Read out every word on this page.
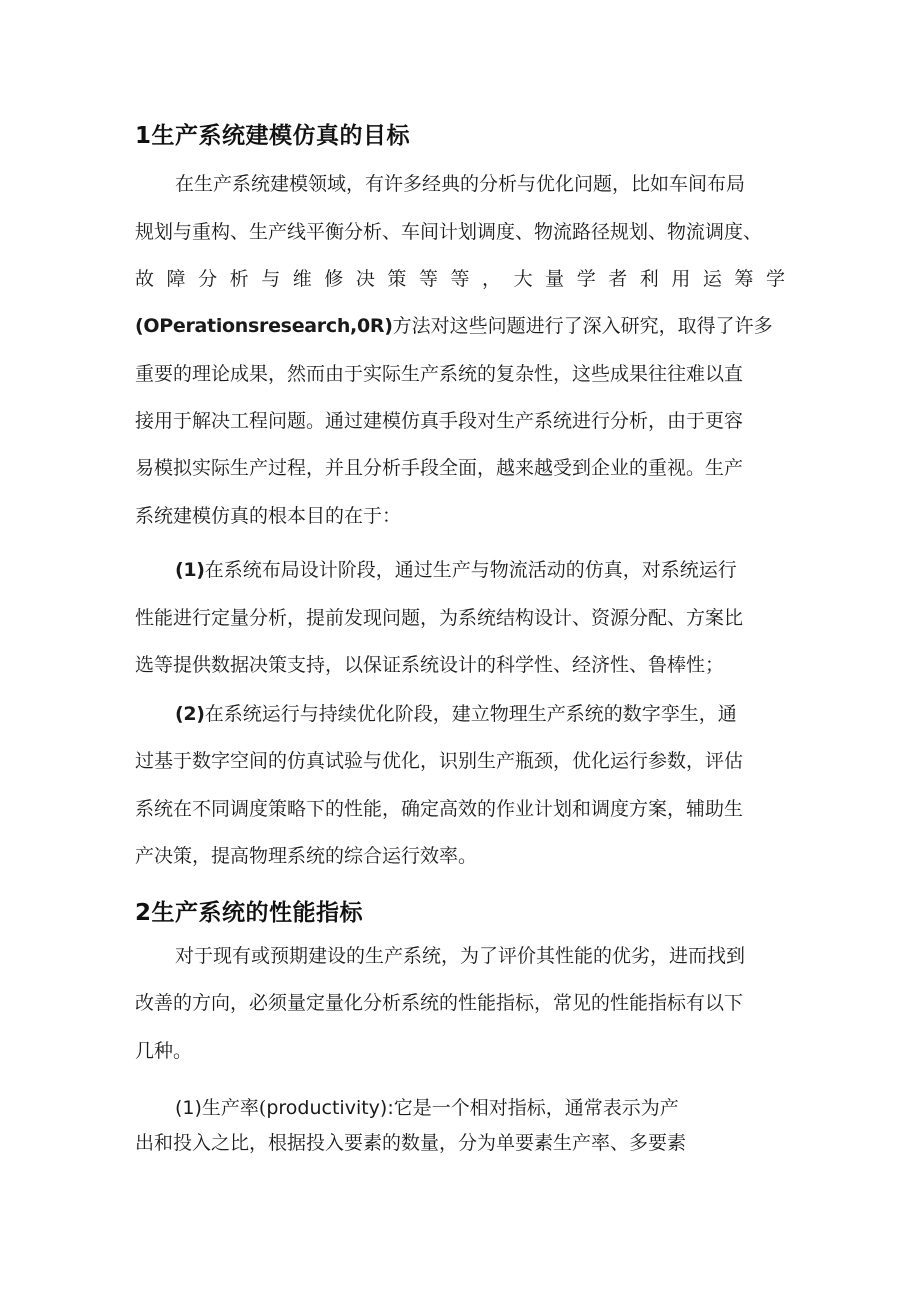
1生产系统建模仿真的目标
在生产系统建模领域，有许多经典的分析与优化问题，比如车间布局
规划与重构、生产线平衡分析、车间计划调度、物流路径规划、物流调度、
故障分析与维修决策等等，大量学者利用运筹学
(OPerationsresearch,0R)方法对这些问题进行了深入研究，取得了许多
重要的理论成果，然而由于实际生产系统的复杂性，这些成果往往难以直
接用于解决工程问题。通过建模仿真手段对生产系统进行分析，由于更容
易模拟实际生产过程，并且分析手段全面，越来越受到企业的重视。生产
系统建模仿真的根本目的在于：
(1)在系统布局设计阶段，通过生产与物流活动的仿真，对系统运行
性能进行定量分析，提前发现问题，为系统结构设计、资源分配、方案比
选等提供数据决策支持，以保证系统设计的科学性、经济性、鲁棒性；
(2)在系统运行与持续优化阶段，建立物理生产系统的数字孪生，通
过基于数字空间的仿真试验与优化，识别生产瓶颈，优化运行参数，评估
系统在不同调度策略下的性能，确定高效的作业计划和调度方案，辅助生
产决策，提高物理系统的综合运行效率。
2生产系统的性能指标
对于现有或预期建设的生产系统，为了评价其性能的优劣，进而找到
改善的方向，必须量定量化分析系统的性能指标，常见的性能指标有以下
几种。
(1)生产率(productivity):它是一个相对指标，通常表示为产
出和投入之比，根据投入要素的数量，分为单要素生产率、多要素
